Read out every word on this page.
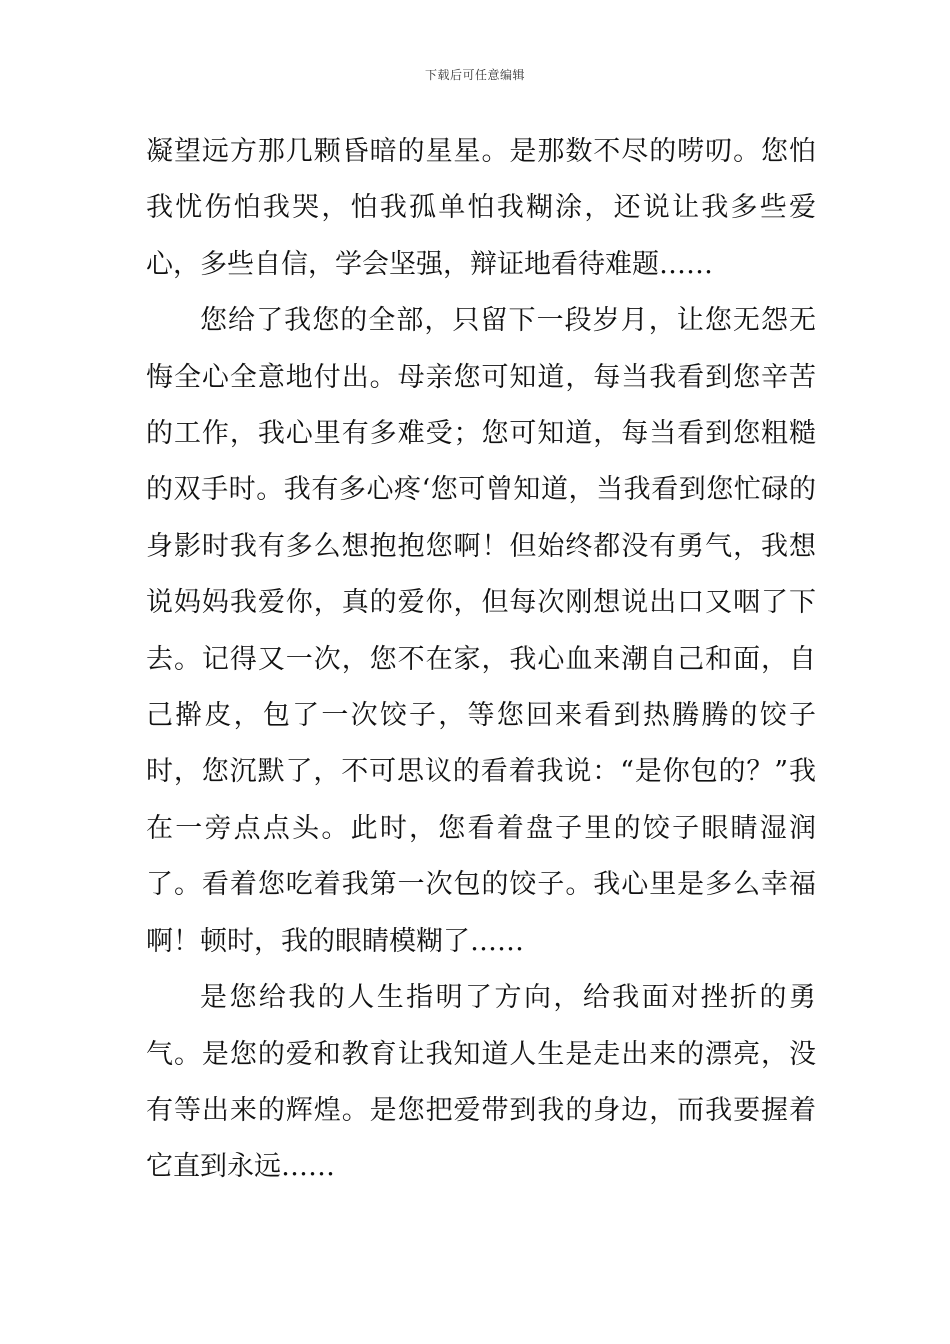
下载后可任意编辑

凝望远方那几颗昏暗的星星。是那数不尽的唠叨。您怕我忧伤怕我哭，怕我孤单怕我糊涂，还说让我多些爱心，多些自信，学会坚强，辩证地看待难题……

您给了我您的全部，只留下一段岁月，让您无怨无悔全心全意地付出。母亲您可知道，每当我看到您辛苦的工作，我心里有多难受；您可知道，每当看到您粗糙的双手时。我有多心疼‘您可曾知道，当我看到您忙碌的身影时我有多么想抱抱您啊！但始终都没有勇气，我想说妈妈我爱你，真的爱你，但每次刚想说出口又咽了下去。记得又一次，您不在家，我心血来潮自己和面，自己擀皮，包了一次饺子，等您回来看到热腾腾的饺子时，您沉默了，不可思议的看着我说：“是你包的？”我在一旁点点头。此时，您看着盘子里的饺子眼睛湿润了。看着您吃着我第一次包的饺子。我心里是多么幸福啊！顿时，我的眼睛模糊了……

是您给我的人生指明了方向，给我面对挫折的勇气。是您的爱和教育让我知道人生是走出来的漂亮，没有等出来的辉煌。是您把爱带到我的身边，而我要握着它直到永远……
